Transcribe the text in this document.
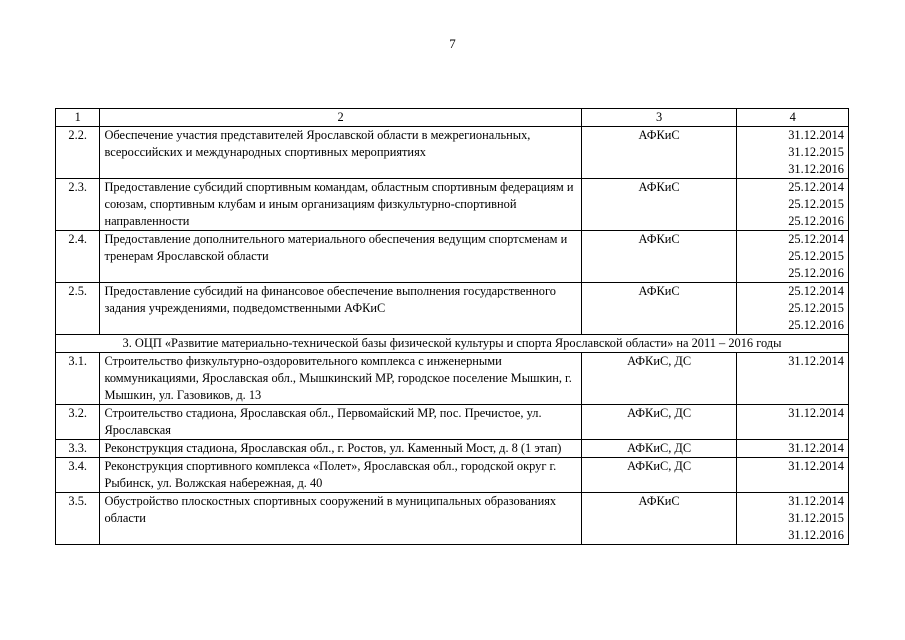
7
1	2	3	4
2.2.	Обеспечение участия представителей Ярославской области в межрегиональных, всероссийских и международных спортивных мероприятиях	АФКиС	31.12.2014
31.12.2015
31.12.2016

2.3.	Предоставление субсидий спортивным командам, областным спортивным федерациям и союзам, спортивным клубам и иным организациям физкультурно-спортивной направленности	АФКиС	25.12.2014
25.12.2015
25.12.2016

2.4.	Предоставление дополнительного материального обеспечения ведущим спортсменам и тренерам Ярославской области	АФКиС	25.12.2014
25.12.2015
25.12.2016

2.5.	Предоставление субсидий на финансовое обеспечение выполнения государственного задания учреждениями, подведомственными АФКиС	АФКиС	25.12.2014
25.12.2015
25.12.2016

3. ОЦП «Развитие материально-технической базы физической культуры и спорта Ярославской области» на 2011 – 2016 годы			
3.1.	Строительство физкультурно-оздоровительного комплекса с инженерными коммуникациями, Ярославская обл., Мышкинский МР, городское поселение Мышкин, г. Мышкин, ул. Газовиков, д. 13	АФКиС, ДС	31.12.2014

3.2.	Строительство стадиона, Ярославская обл., Первомайский МР, пос. Пречистое, ул. Ярославская	АФКиС, ДС	31.12.2014

3.3.	Реконструкция стадиона, Ярославская обл., г. Ростов, ул. Каменный Мост, д. 8 (1 этап)	АФКиС, ДС	31.12.2014

3.4.	Реконструкция спортивного комплекса «Полет», Ярославская обл., городской округ г. Рыбинск, ул. Волжская набережная, д. 40	АФКиС, ДС	31.12.2014

3.5.	Обустройство плоскостных спортивных сооружений в муниципальных образованиях области	АФКиС	31.12.2014
31.12.2015
31.12.2016
